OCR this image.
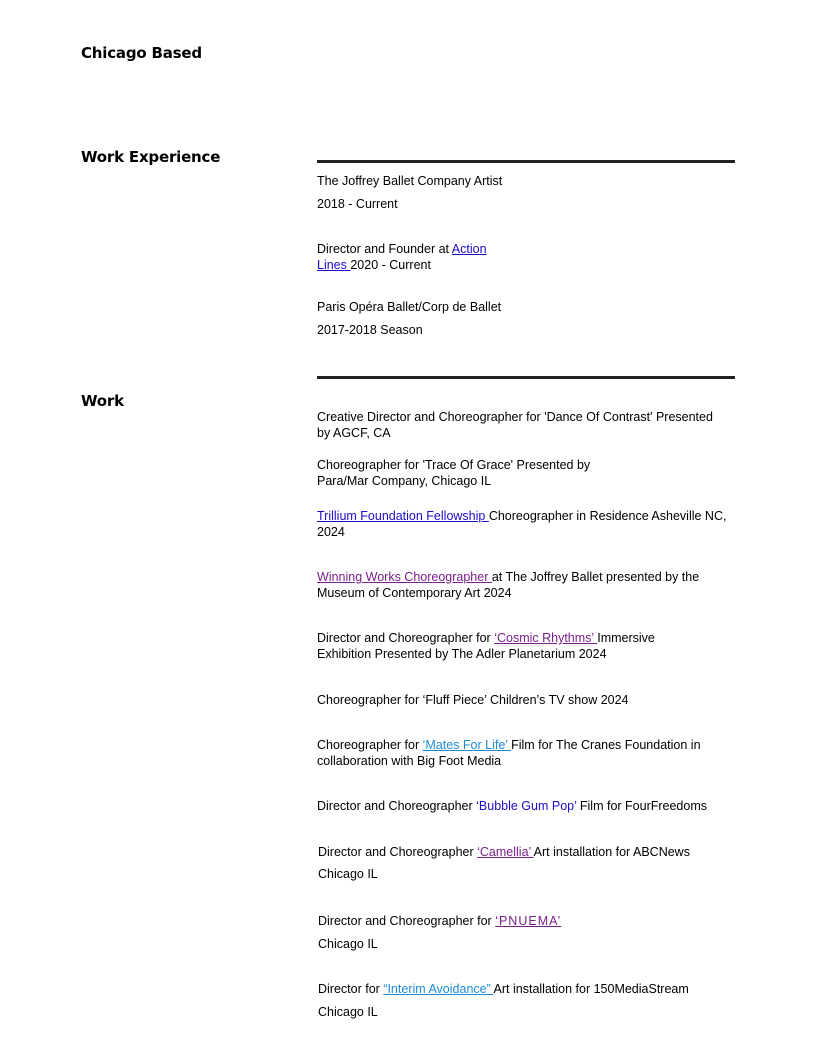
Chicago Based
Work Experience

The Joffrey Ballet Company Artist

2018 - Current

Director and Founder at Action

Lines 2020 - Current

Paris Opéra Ballet/Corp de Ballet

2017-2018 Season

Work

Creative Director and Choreographer for 'Dance Of Contrast' Presented by AGCF, CA

Choreographer for 'Trace Of Grace' Presented by Para/Mar Company, Chicago IL

Trillium Foundation Fellowship Choreographer in Residence Asheville NC, 2024

Winning Works Choreographer at The Joffrey Ballet presented by the Museum of Contemporary Art 2024

Director and Choreographer for ‘Cosmic Rhythms’ Immersive Exhibition Presented by The Adler Planetarium 2024

Choreographer for ‘Fluff Piece’ Children’s TV show 2024

Choreographer for ‘Mates For Life’ Film for The Cranes Foundation in collaboration with Big Foot Media

Director and Choreographer ‘Bubble Gum Pop’ Film for FourFreedoms

Director and Choreographer ‘Camellia’ Art installation for ABCNews

Chicago IL

Director and Choreographer for ‘PNUEMA’

Chicago IL

Director for “Interim Avoidance” Art installation for 150MediaStream

Chicago IL
